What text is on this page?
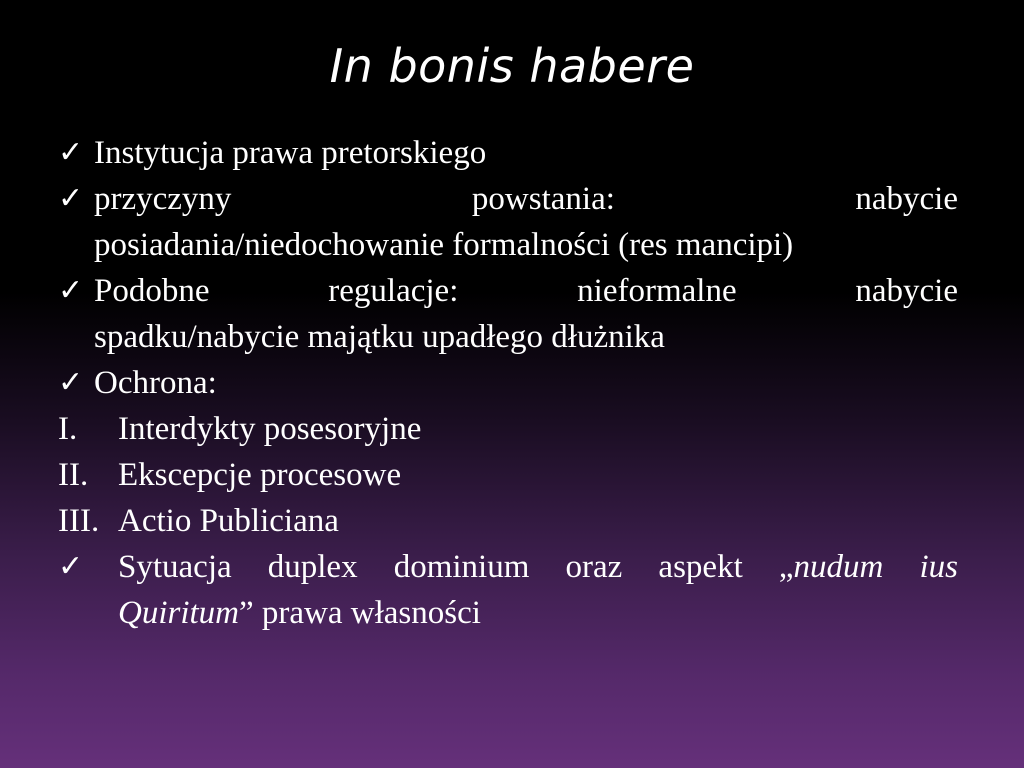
In bonis habere
✓ Instytucja prawa pretorskiego
✓ przyczyny powstania: nabycie
posiadania/niedochowanie formalności (res mancipi)
✓ Podobne regulacje: nieformalne nabycie
spadku/nabycie majątku upadłego dłużnika
✓ Ochrona:
I.	Interdykty posesoryjne
II. Ekscepcje procesowe
III. Actio Publiciana
✓	Sytuacja duplex dominium oraz aspekt „nudum ius
Quiritum” prawa własności
